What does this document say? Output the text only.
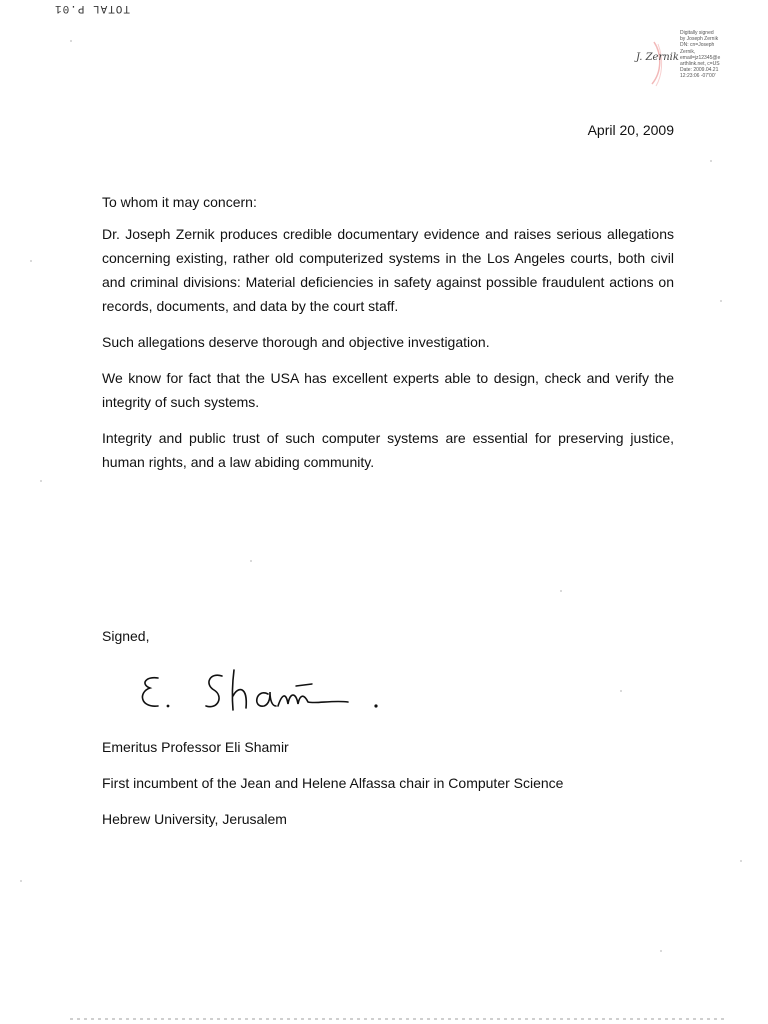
TOTAL P.01
J. Zernik
Digitally signed
by Joseph Zernik
DN: cn=Joseph
Zernik,
email=jz12345@e
arthlink.net, c=US
Date: 2009.04.21
12:23:06 -07'00'
April 20, 2009
To whom it may concern:

Dr. Joseph Zernik produces credible documentary evidence and raises serious allegations concerning existing, rather old computerized systems in the Los Angeles courts, both civil and criminal divisions: Material deficiencies in safety against possible fraudulent actions on records, documents, and data by the court staff.

Such allegations deserve thorough and objective investigation.

We know for fact that the USA has excellent experts able to design, check and verify the integrity of such systems.

Integrity and public trust of such computer systems are essential for preserving justice, human rights, and a law abiding community.

Signed,
Emeritus Professor Eli Shamir
First incumbent of the Jean and Helene Alfassa chair in Computer Science
Hebrew University, Jerusalem
